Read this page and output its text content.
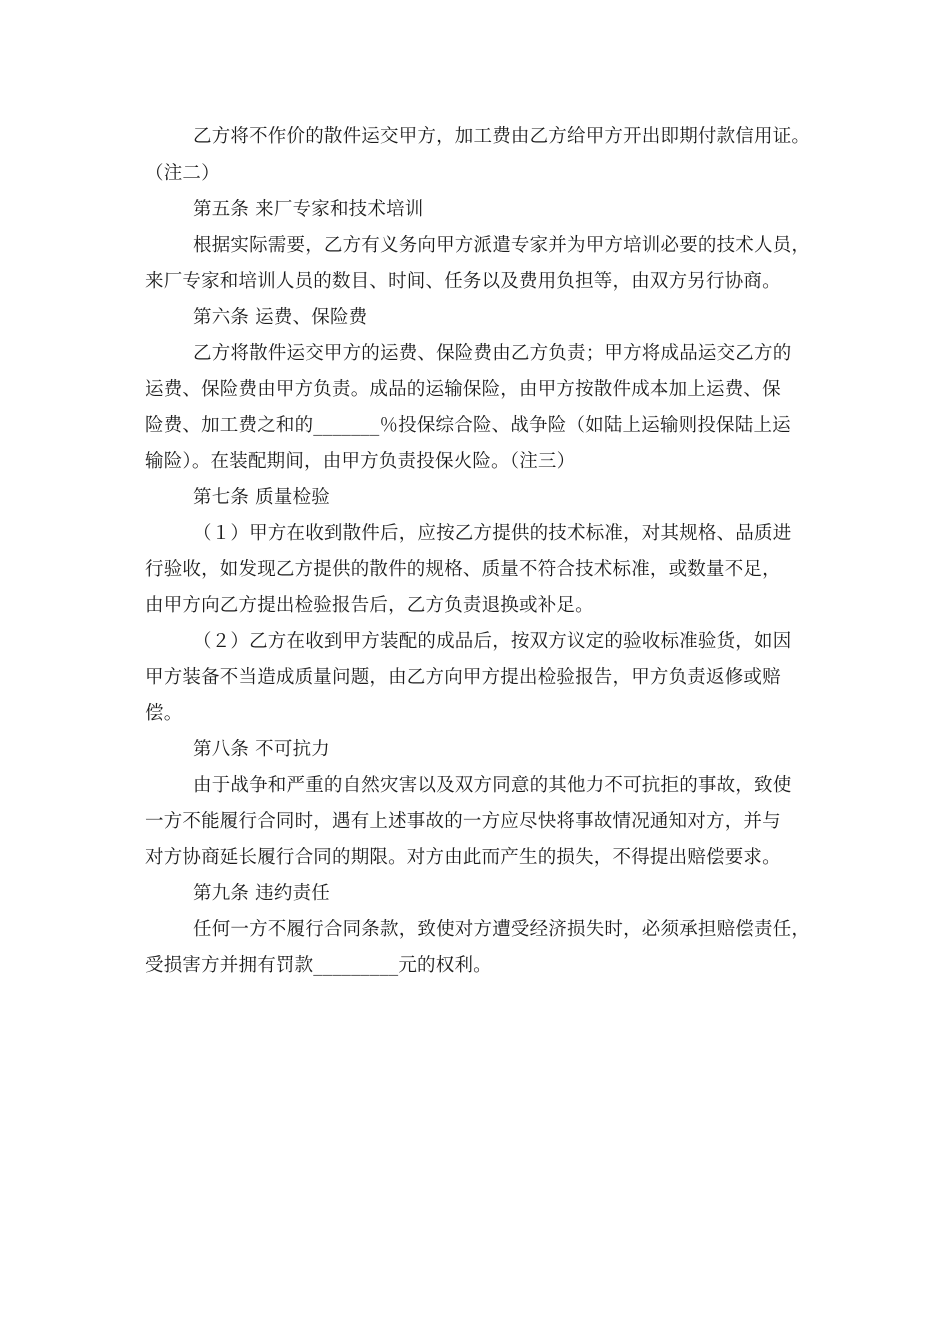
乙方将不作价的散件运交甲方，加工费由乙方给甲方开出即期付款信用证。

（注二）

第五条 来厂专家和技术培训

根据实际需要，乙方有义务向甲方派遣专家并为甲方培训必要的技术人员，

来厂专家和培训人员的数目、时间、任务以及费用负担等，由双方另行协商。

第六条 运费、保险费

乙方将散件运交甲方的运费、保险费由乙方负责；甲方将成品运交乙方的

运费、保险费由甲方负责。成品的运输保险，由甲方按散件成本加上运费、保

险费、加工费之和的_______％投保综合险、战争险（如陆上运输则投保陆上运

输险）。在装配期间，由甲方负责投保火险。（注三）

第七条 质量检验

（１）甲方在收到散件后，应按乙方提供的技术标准，对其规格、品质进

行验收，如发现乙方提供的散件的规格、质量不符合技术标准，或数量不足，

由甲方向乙方提出检验报告后，乙方负责退换或补足。

（２）乙方在收到甲方装配的成品后，按双方议定的验收标准验货，如因

甲方装备不当造成质量问题，由乙方向甲方提出检验报告，甲方负责返修或赔

偿。

第八条 不可抗力

由于战争和严重的自然灾害以及双方同意的其他力不可抗拒的事故，致使

一方不能履行合同时，遇有上述事故的一方应尽快将事故情况通知对方，并与

对方协商延长履行合同的期限。对方由此而产生的损失，不得提出赔偿要求。

第九条 违约责任

任何一方不履行合同条款，致使对方遭受经济损失时，必须承担赔偿责任，

受损害方并拥有罚款_________元的权利。
